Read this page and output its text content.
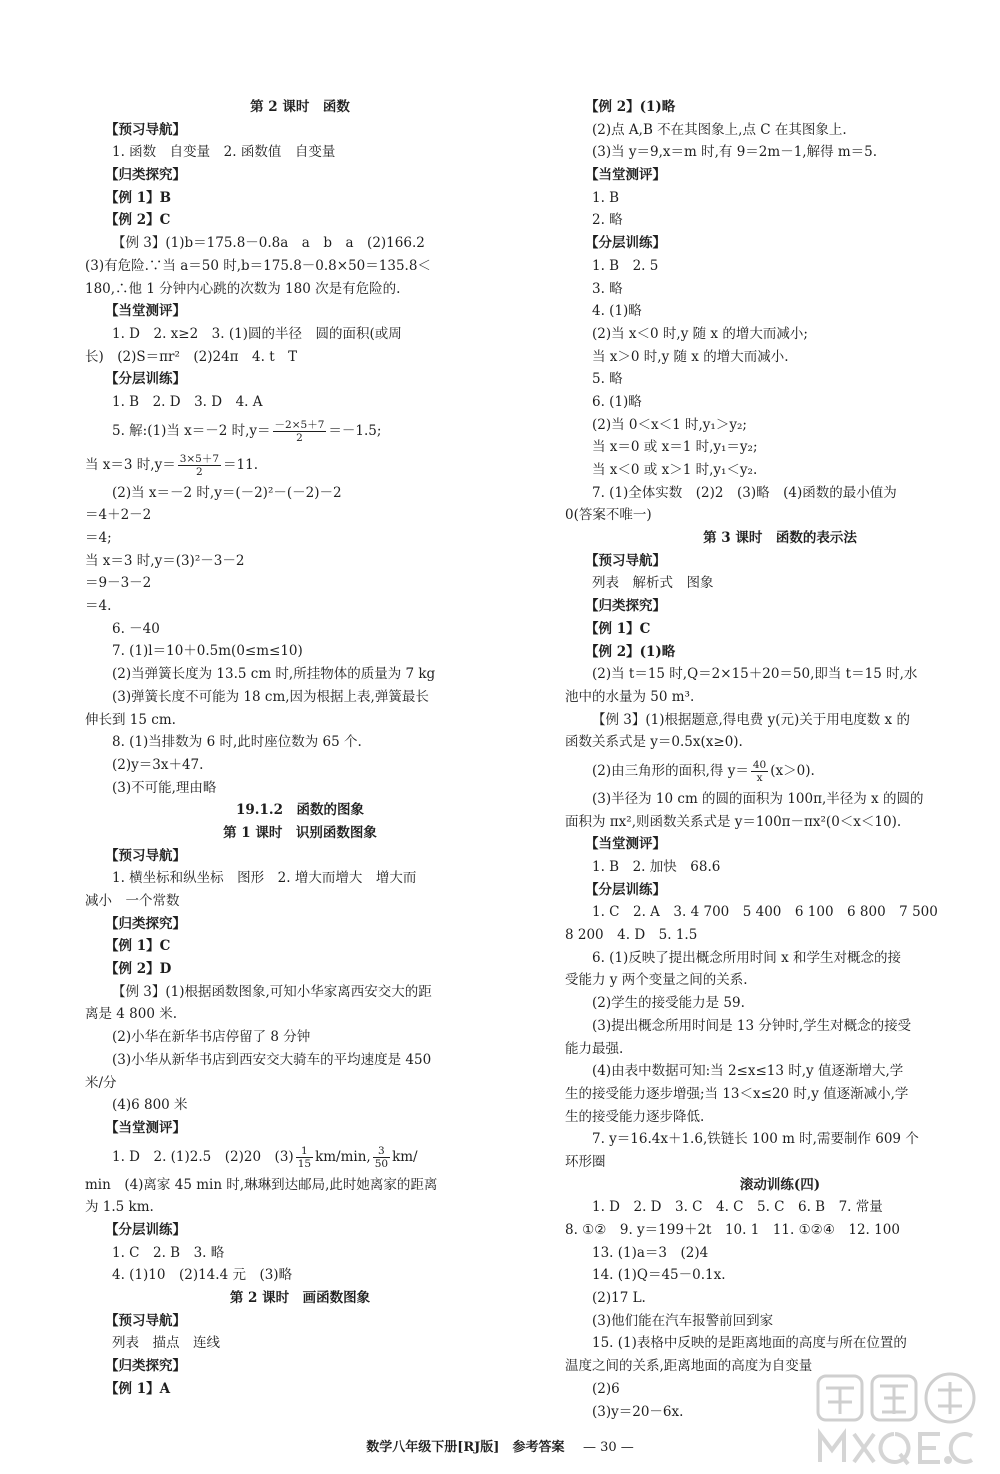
第 2 课时　函数
【预习导航】
1. 函数　自变量　2. 函数值　自变量
【归类探究】
【例 1】B
【例 2】C
【例 3】(1)b＝175.8－0.8a　a　b　a　(2)166.2
(3)有危险.∵当 a＝50 时,b＝175.8－0.8×50＝135.8＜
180,∴他 1 分钟内心跳的次数为 180 次是有危险的.
【当堂测评】
1. D　2. x≥2　3. (1)圆的半径　圆的面积(或周
长)　(2)S＝πr²　(2)24π　4. t　T
【分层训练】
1. B　2. D　3. D　4. A
5. 解:(1)当 x＝－2 时$,y= \frac{-2\times 5+7}{2} =-1.5$;
当 x＝3 时$,y= \frac{3\times 5+7}{2} =11$.
(2)当 x＝－2 时,y＝(－2)²－(－2)－2
＝4＋2－2
＝4;
当 x＝3 时,y＝(3)²－3－2
＝9－3－2
＝4.
6. －40
7. (1)l＝10＋0.5m(0≤m≤10)
(2)当弹簧长度为 13.5 cm 时,所挂物体的质量为 7 kg
(3)弹簧长度不可能为 18 cm,因为根据上表,弹簧最长
伸长到 15 cm.
8. (1)当排数为 6 时,此时座位数为 65 个.
(2)y＝3x＋47.
(3)不可能,理由略
19.1.2　函数的图象
第 1 课时　识别函数图象
【预习导航】
1. 横坐标和纵坐标　图形　2. 增大而增大　增大而
减小　一个常数
【归类探究】
【例 1】C
【例 2】D
【例 3】(1)根据函数图象,可知小华家离西安交大的距
离是 4 800 米.
(2)小华在新华书店停留了 8 分钟
(3)小华从新华书店到西安交大骑车的平均速度是 450
米/分
(4)6 800 米
【当堂测评】
1. D　2. (1)2.5　(2)20　$(3) \frac{1}{15} km/\min$, $\frac{3}{50} km/$
min　(4)离家 45 min 时,琳琳到达邮局,此时她离家的距离
为 1.5 km.
【分层训练】
1. C　2. B　3. 略
4. (1)10　(2)14.4 元　(3)略
第 2 课时　画函数图象
【预习导航】
列表　描点　连线
【归类探究】
【例 1】A
【例 2】(1)略
(2)点 A,B 不在其图象上,点 C 在其图象上.
(3)当 y＝9,x＝m 时,有 9＝2m－1,解得 m＝5.
【当堂测评】
1. B
2. 略
【分层训练】
1. B　2. 5
3. 略
4. (1)略
(2)当 x＜0 时,y 随 x 的增大而减小;
当 x＞0 时,y 随 x 的增大而减小.
5. 略
6. (1)略
(2)当 0＜x＜1 时,y₁＞y₂;
当 x＝0 或 x＝1 时,y₁＝y₂;
当 x＜0 或 x＞1 时,y₁＜y₂.
7. (1)全体实数　(2)2　(3)略　(4)函数的最小值为
0(答案不唯一)
第 3 课时　函数的表示法
【预习导航】
列表　解析式　图象
【归类探究】
【例 1】C
【例 2】(1)略
(2)当 t＝15 时,Q＝2×15＋20＝50,即当 t＝15 时,水
池中的水量为 50 m³.
【例 3】(1)根据题意,得电费 y(元)关于用电度数 x 的
函数关系式是 y＝0.5x(x≥0).
(2)由三角形的面积,得 $y= \frac{40}{x} (x>0)$.
(3)半径为 10 cm 的圆的面积为 100π,半径为 x 的圆的
面积为 πx²,则函数关系式是 y＝100π－πx²(0＜x＜10).
【当堂测评】
1. B　2. 加快　68.6
【分层训练】
1. C　2. A　3. 4 700　5 400　6 100　6 800　7 500
8 200　4. D　5. 1.5
6. (1)反映了提出概念所用时间 x 和学生对概念的接
受能力 y 两个变量之间的关系.
(2)学生的接受能力是 59.
(3)提出概念所用时间是 13 分钟时,学生对概念的接受
能力最强.
(4)由表中数据可知:当 2≤x≤13 时,y 值逐渐增大,学
生的接受能力逐步增强;当 13＜x≤20 时,y 值逐渐减小,学
生的接受能力逐步降低.
7. y＝16.4x＋1.6,铁链长 100 m 时,需要制作 609 个
环形圈
滚动训练(四)
1. D　2. D　3. C　4. C　5. C　6. B　7. 常量
8. ①②　9. y＝199＋2t　10. 1　11. ①②④　12. 100
13. (1)a＝3　(2)4
14. (1)Q＝45－0.1x.
(2)17 L.
(3)他们能在汽车报警前回到家
15. (1)表格中反映的是距离地面的高度与所在位置的
温度之间的关系,距离地面的高度为自变量
(2)6
(3)y＝20－6x.
数学八年级下册[RJ版]　参考答案 — 30 —
